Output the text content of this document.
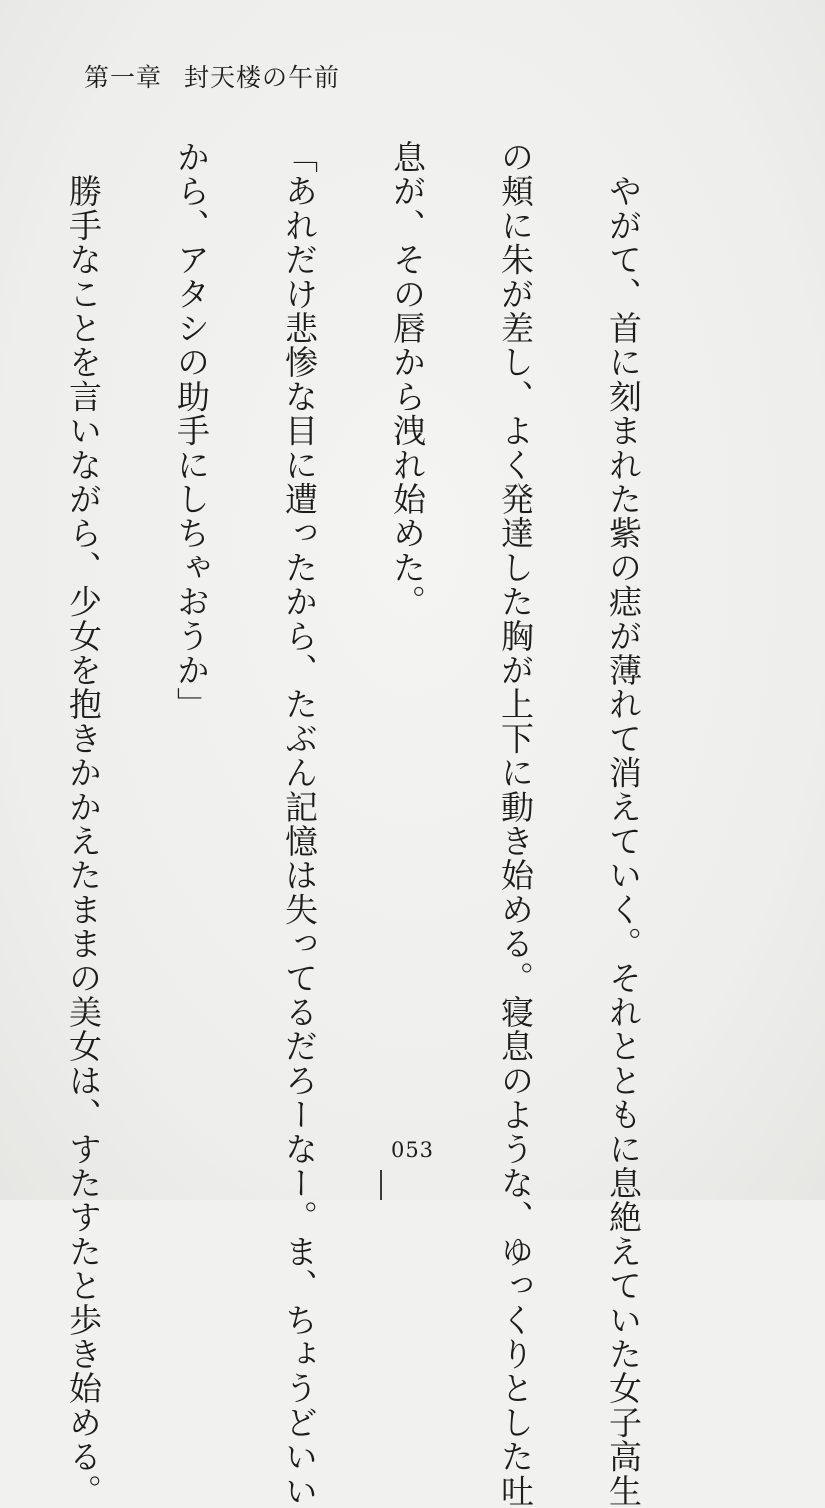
第一章 封天楼の午前

　やがて、首に刻まれた紫の痣が薄れて消えていく。それとともに息絶えていた女子高生

の頬に朱が差し、よく発達した胸が上下に動き始める。寝息のような、ゆっくりとした吐

息が、その唇から洩れ始めた。

「あれだけ悲惨な目に遭ったから、たぶん記憶は失ってるだろーなー。ま、ちょうどいい

から、アタシの助手にしちゃおうか」

　勝手なことを言いながら、少女を抱きかかえたままの美女は、すたすたと歩き始める。

	053
